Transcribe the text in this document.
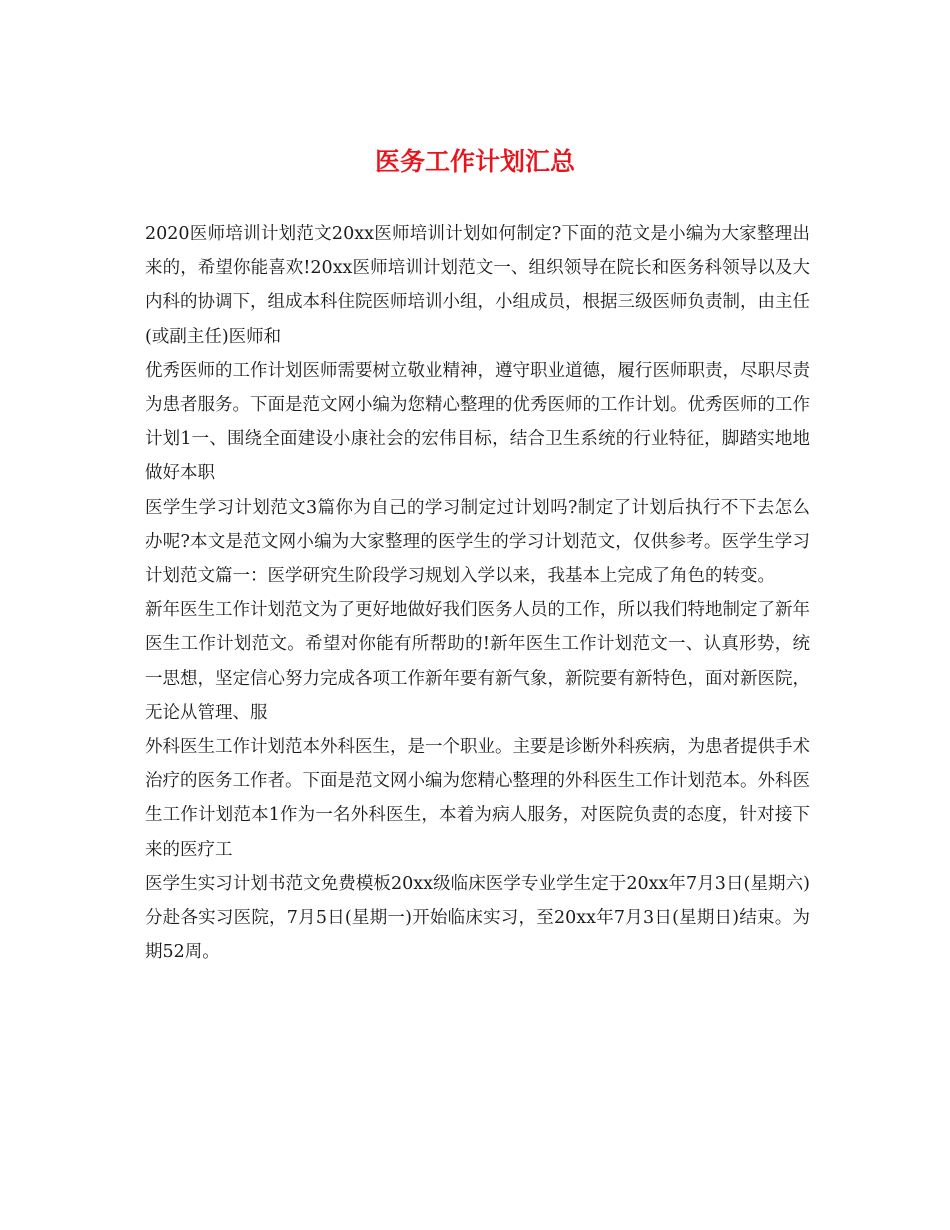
医务工作计划汇总

2020医师培训计划范文20xx医师培训计划如何制定?下面的范文是小编为大家整理出来的，希望你能喜欢!20xx医师培训计划范文一、组织领导在院长和医务科领导以及大内科的协调下，组成本科住院医师培训小组，小组成员，根据三级医师负责制，由主任(或副主任)医师和

优秀医师的工作计划医师需要树立敬业精神，遵守职业道德，履行医师职责，尽职尽责为患者服务。下面是范文网小编为您精心整理的优秀医师的工作计划。优秀医师的工作计划1一、围绕全面建设小康社会的宏伟目标，结合卫生系统的行业特征，脚踏实地地做好本职

医学生学习计划范文3篇你为自己的学习制定过计划吗?制定了计划后执行不下去怎么办呢?本文是范文网小编为大家整理的医学生的学习计划范文，仅供参考。医学生学习计划范文篇一：医学研究生阶段学习规划入学以来，我基本上完成了角色的转变。

新年医生工作计划范文为了更好地做好我们医务人员的工作，所以我们特地制定了新年医生工作计划范文。希望对你能有所帮助的!新年医生工作计划范文一、认真形势，统一思想，坚定信心努力完成各项工作新年要有新气象，新院要有新特色，面对新医院，无论从管理、服

外科医生工作计划范本外科医生，是一个职业。主要是诊断外科疾病，为患者提供手术治疗的医务工作者。下面是范文网小编为您精心整理的外科医生工作计划范本。外科医生工作计划范本1作为一名外科医生，本着为病人服务，对医院负责的态度，针对接下来的医疗工

医学生实习计划书范文免费模板20xx级临床医学专业学生定于20xx年7月3日(星期六)分赴各实习医院，7月5日(星期一)开始临床实习，至20xx年7月3日(星期日)结束。为期52周。
